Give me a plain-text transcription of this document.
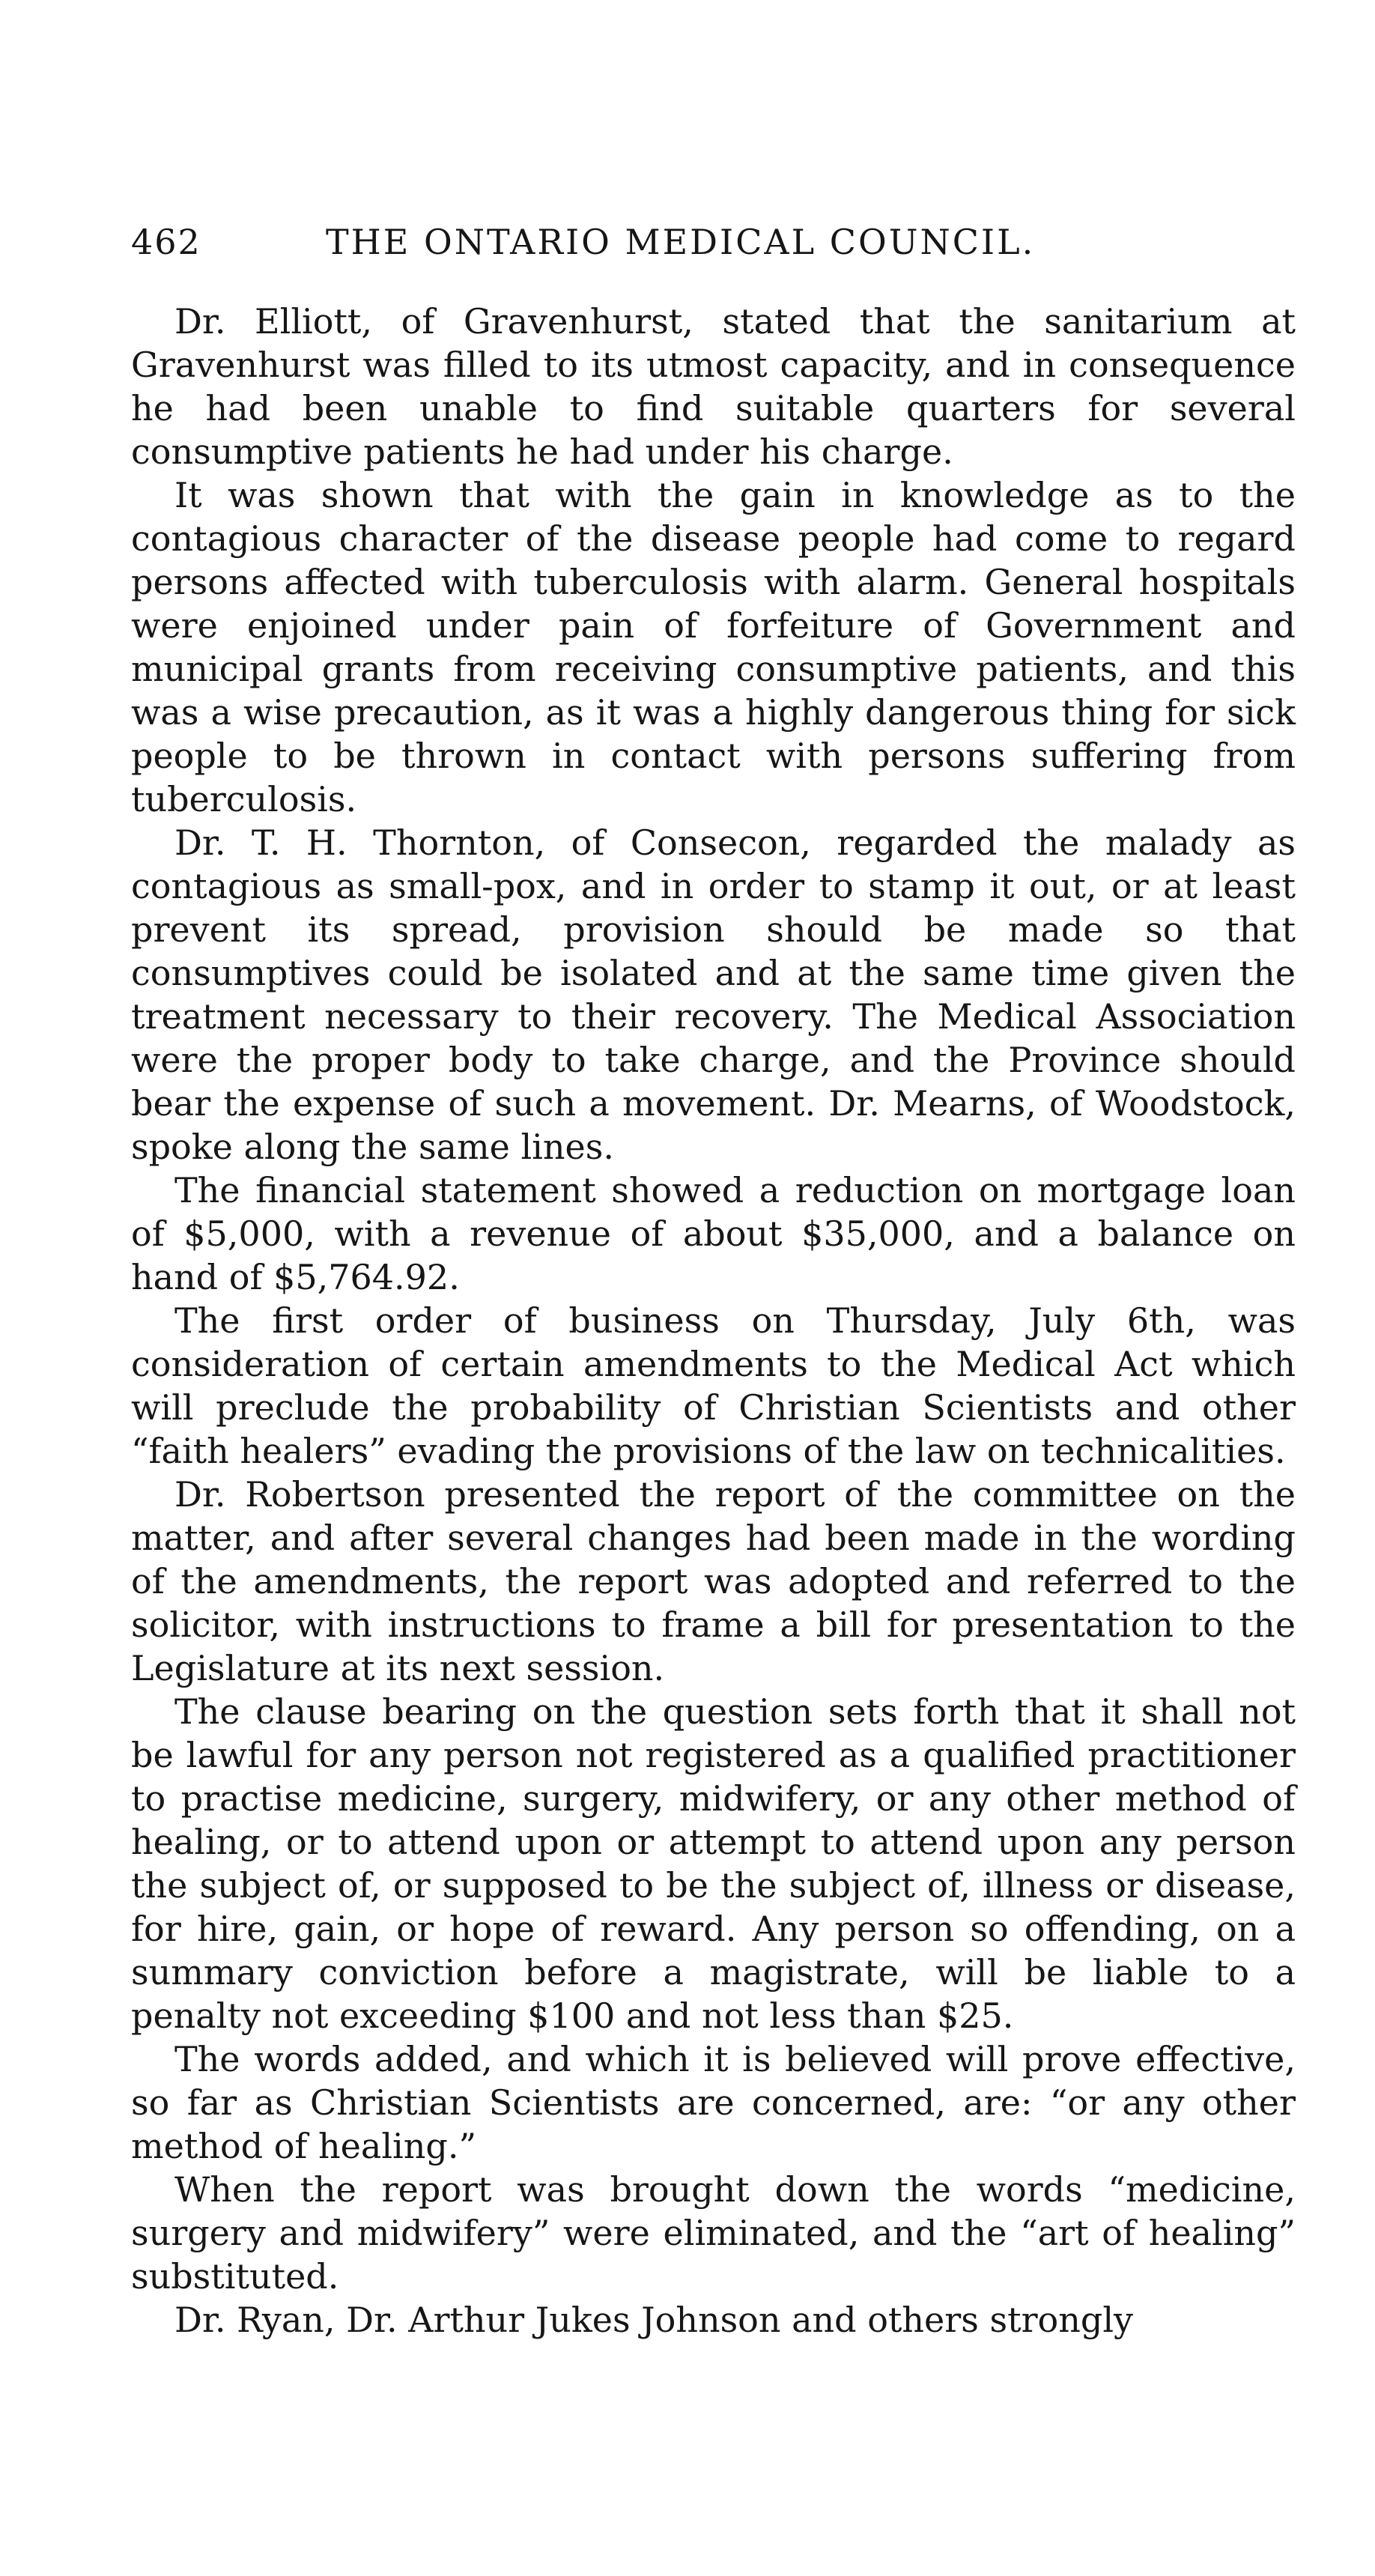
462	THE ONTARIO MEDICAL COUNCIL.

Dr. Elliott, of Gravenhurst, stated that the sanitarium at Gravenhurst was filled to its utmost capacity, and in consequence he had been unable to find suitable quarters for several consumptive patients he had under his charge.

It was shown that with the gain in knowledge as to the contagious character of the disease people had come to regard persons affected with tuberculosis with alarm. General hospitals were enjoined under pain of forfeiture of Government and municipal grants from receiving consumptive patients, and this was a wise precaution, as it was a highly dangerous thing for sick people to be thrown in contact with persons suffering from tuberculosis.

Dr. T. H. Thornton, of Consecon, regarded the malady as contagious as small-pox, and in order to stamp it out, or at least prevent its spread, provision should be made so that consumptives could be isolated and at the same time given the treatment necessary to their recovery. The Medical Association were the proper body to take charge, and the Province should bear the expense of such a movement. Dr. Mearns, of Woodstock, spoke along the same lines.

The financial statement showed a reduction on mortgage loan of $5,000, with a revenue of about $35,000, and a balance on hand of $5,764.92.

The first order of business on Thursday, July 6th, was consideration of certain amendments to the Medical Act which will preclude the probability of Christian Scientists and other “faith healers” evading the provisions of the law on technicalities.

Dr. Robertson presented the report of the committee on the matter, and after several changes had been made in the wording of the amendments, the report was adopted and referred to the solicitor, with instructions to frame a bill for presentation to the Legislature at its next session.

The clause bearing on the question sets forth that it shall not be lawful for any person not registered as a qualified practitioner to practise medicine, surgery, midwifery, or any other method of healing, or to attend upon or attempt to attend upon any person the subject of, or supposed to be the subject of, illness or disease, for hire, gain, or hope of reward. Any person so offending, on a summary conviction before a magistrate, will be liable to a penalty not exceeding $100 and not less than $25.

The words added, and which it is believed will prove effective, so far as Christian Scientists are concerned, are: “or any other method of healing.”

When the report was brought down the words “medicine, surgery and midwifery” were eliminated, and the “art of healing” substituted.

Dr. Ryan, Dr. Arthur Jukes Johnson and others strongly
